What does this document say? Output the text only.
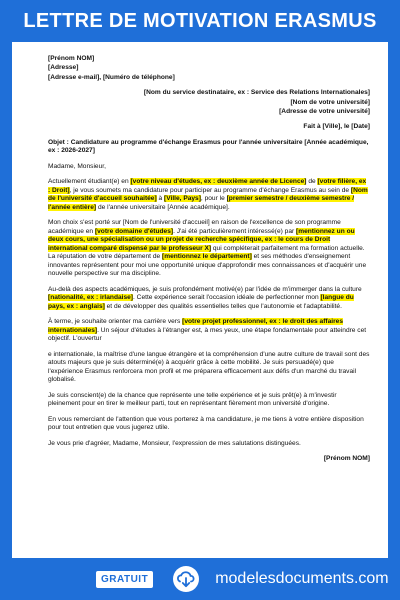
LETTRE DE MOTIVATION ERASMUS
[Prénom NOM]
[Adresse]
[Adresse e-mail], [Numéro de téléphone]
[Nom du service destinataire, ex : Service des Relations Internationales]
[Nom de votre université]
[Adresse de votre université]
Fait à [Ville], le [Date]
Objet : Candidature au programme d'échange Erasmus pour l'année universitaire [Année académique, ex : 2026-2027]
Madame, Monsieur,

Actuellement étudiant(e) en [votre niveau d'études, ex : deuxième année de Licence] de [votre filière, ex : Droit], je vous soumets ma candidature pour participer au programme d'échange Erasmus au sein de [Nom de l'université d'accueil souhaitée] à [Ville, Pays], pour le [premier semestre / deuxième semestre / l'année entière] de l'année universitaire [Année académique].

Mon choix s'est porté sur [Nom de l'université d'accueil] en raison de l'excellence de son programme académique en [votre domaine d'études]. J'ai été particulièrement intéressé(e) par [mentionnez un ou deux cours, une spécialisation ou un projet de recherche spécifique, ex : le cours de Droit international comparé dispensé par le professeur X] qui compléterait parfaitement ma formation actuelle. La réputation de votre département de [mentionnez le département] et ses méthodes d'enseignement innovantes représentent pour moi une opportunité unique d'approfondir mes connaissances et d'acquérir une nouvelle perspective sur ma discipline.

Au-delà des aspects académiques, je suis profondément motivé(e) par l'idée de m'immerger dans la culture [nationalité, ex : irlandaise]. Cette expérience serait l'occasion idéale de perfectionner mon [langue du pays, ex : anglais] et de développer des qualités essentielles telles que l'autonomie et l'adaptabilité.

À terme, je souhaite orienter ma carrière vers [votre projet professionnel, ex : le droit des affaires internationales]. Un séjour d'études à l'étranger est, à mes yeux, une étape fondamentale pour atteindre cet objectif. L'ouvertur

e internationale, la maîtrise d'une langue étrangère et la compréhension d'une autre culture de travail sont des atouts majeurs que je suis déterminé(e) à acquérir grâce à cette mobilité. Je suis persuadé(e) que l'expérience Erasmus renforcera mon profil et me préparera efficacement aux défis d'un marché du travail globalisé.

Je suis conscient(e) de la chance que représente une telle expérience et je suis prêt(e) à m'investir pleinement pour en tirer le meilleur parti, tout en représentant fièrement mon université d'origine.

En vous remerciant de l'attention que vous porterez à ma candidature, je me tiens à votre entière disposition pour tout entretien que vous jugerez utile.

Je vous prie d'agréer, Madame, Monsieur, l'expression de mes salutations distinguées.

[Prénom NOM]
GRATUIT	modelesdocuments.com
